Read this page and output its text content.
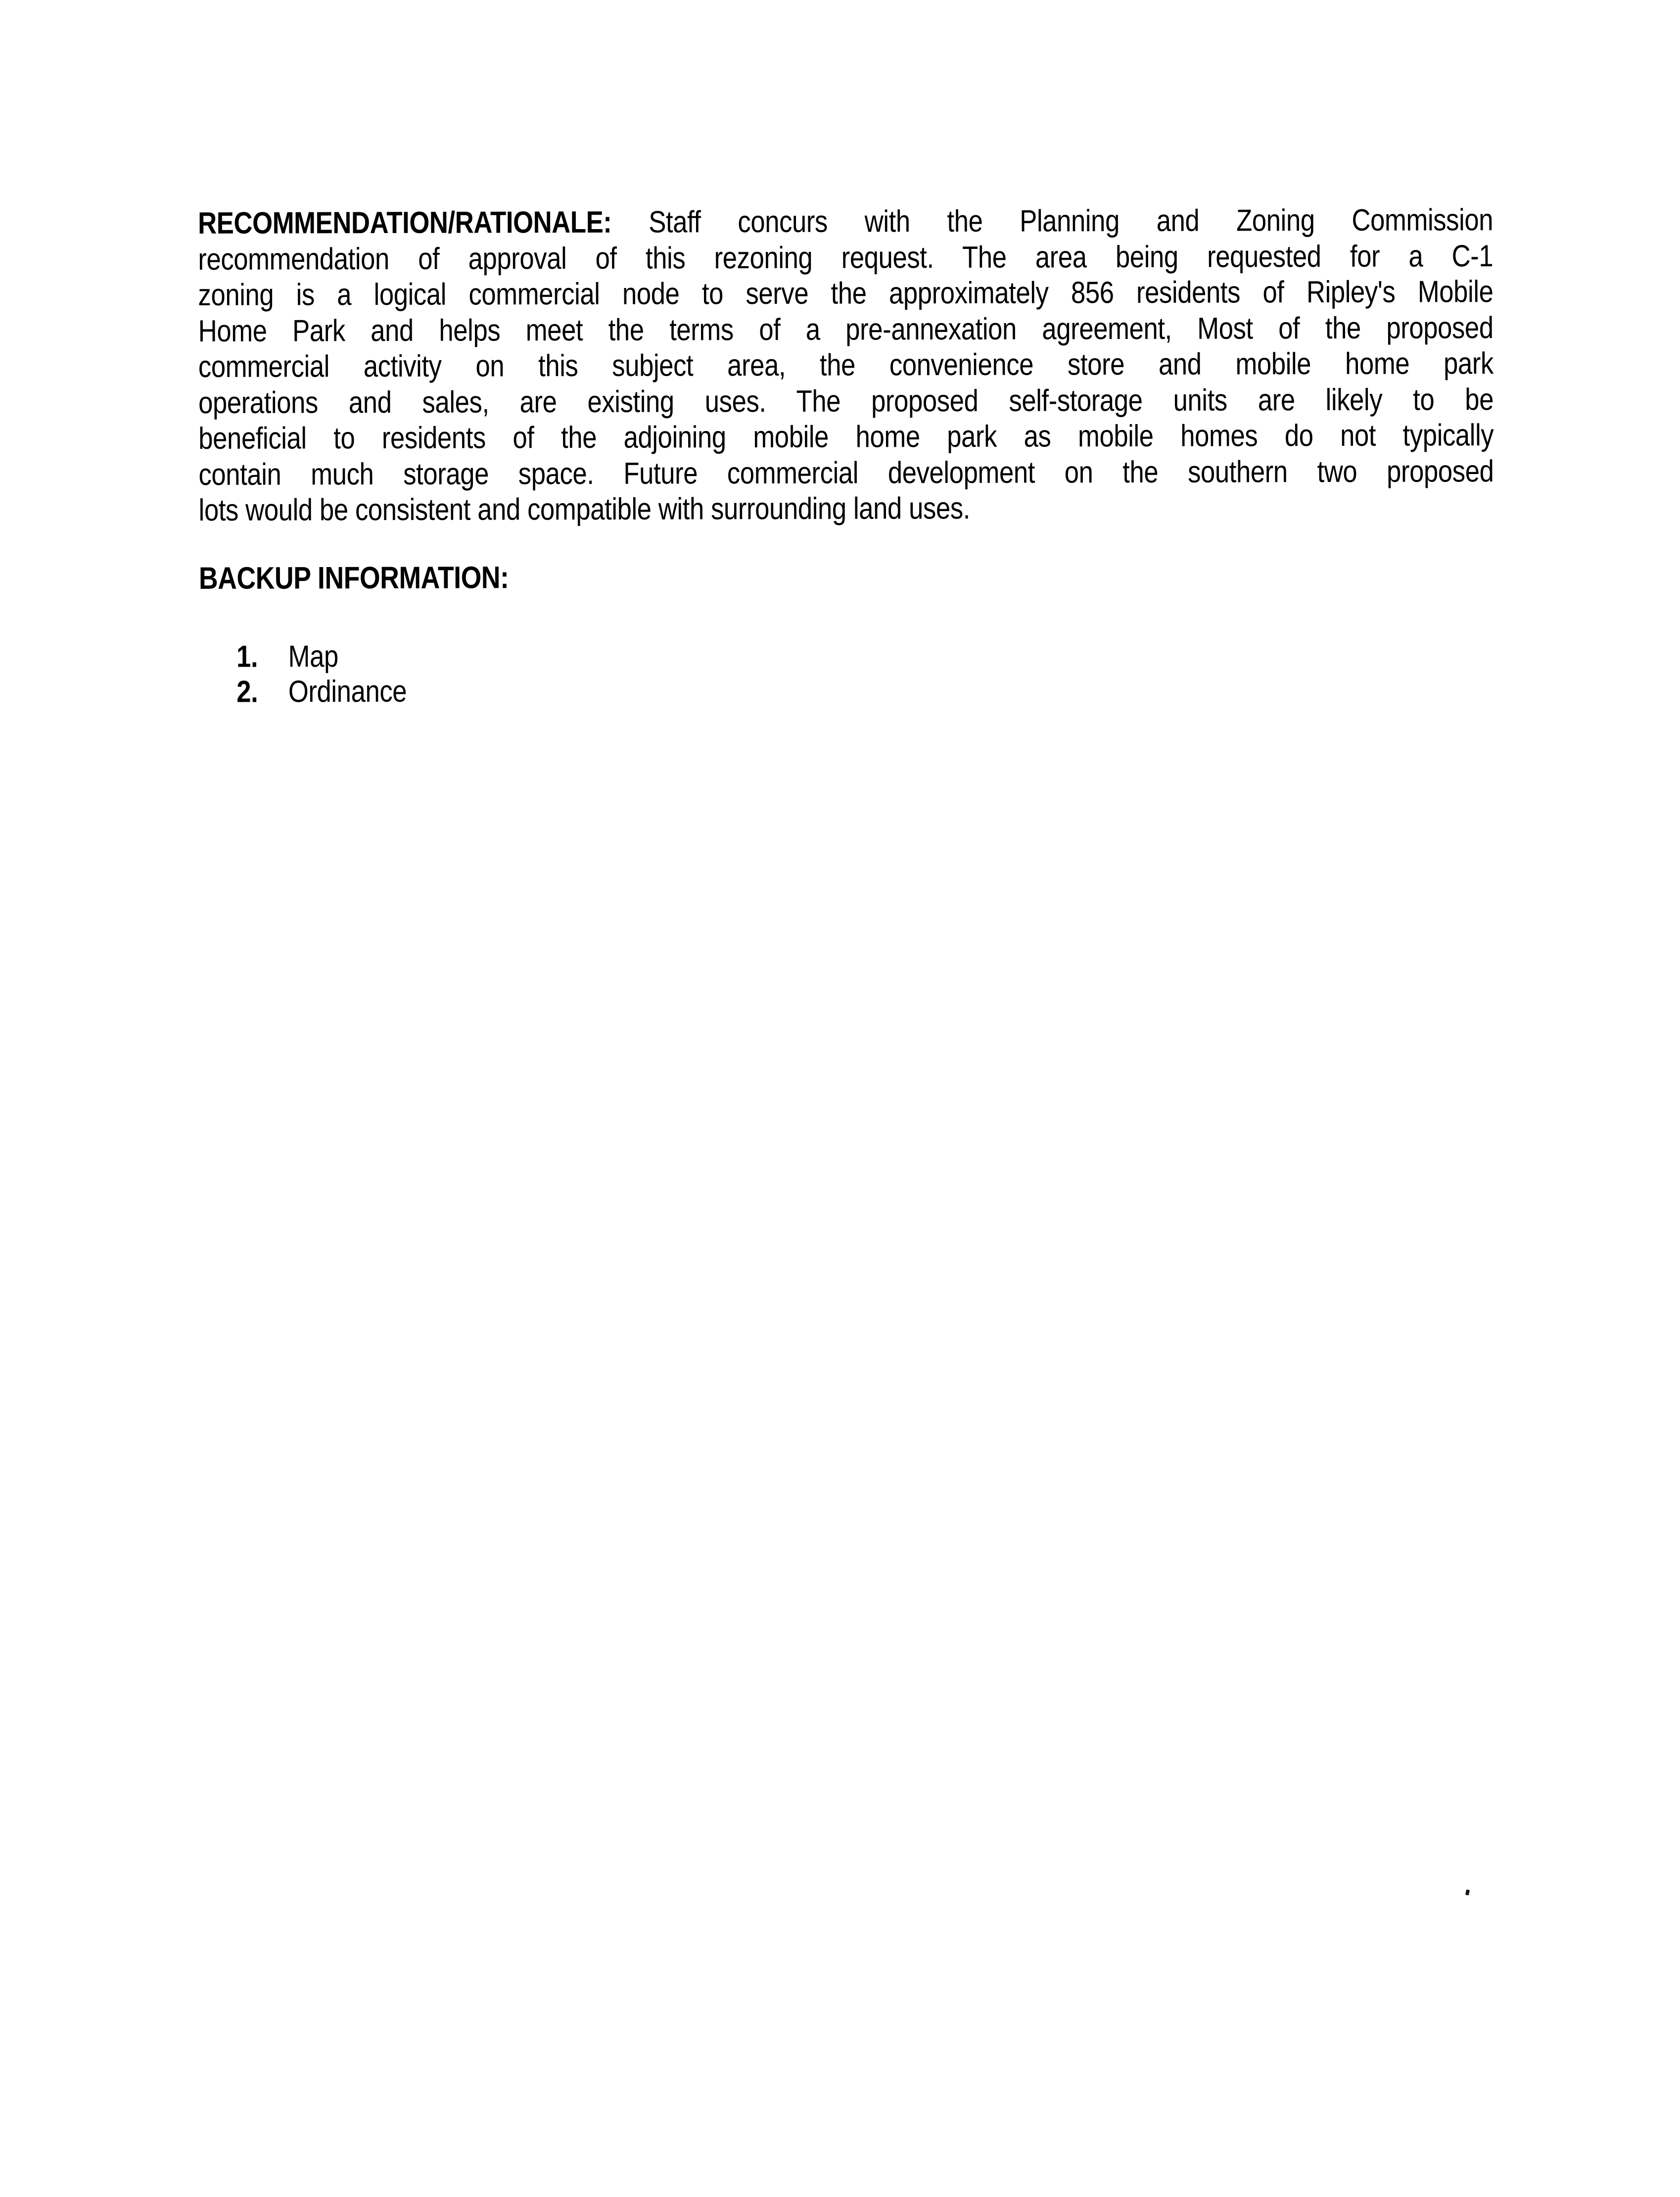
RECOMMENDATION/RATIONALE: Staff concurs with the Planning and Zoning Commission
recommendation of approval of this rezoning request. The area being requested for a C-1
zoning is a logical commercial node to serve the approximately 856 residents of Ripley's Mobile
Home Park and helps meet the terms of a pre-annexation agreement, Most of the proposed
commercial activity on this subject area, the convenience store and mobile home park
operations and sales, are existing uses. The proposed self-storage units are likely to be
beneficial to residents of the adjoining mobile home park as mobile homes do not typically
contain much storage space. Future commercial development on the southern two proposed
lots would be consistent and compatible with surrounding land uses.
BACKUP INFORMATION:
1. Map
2. Ordinance
